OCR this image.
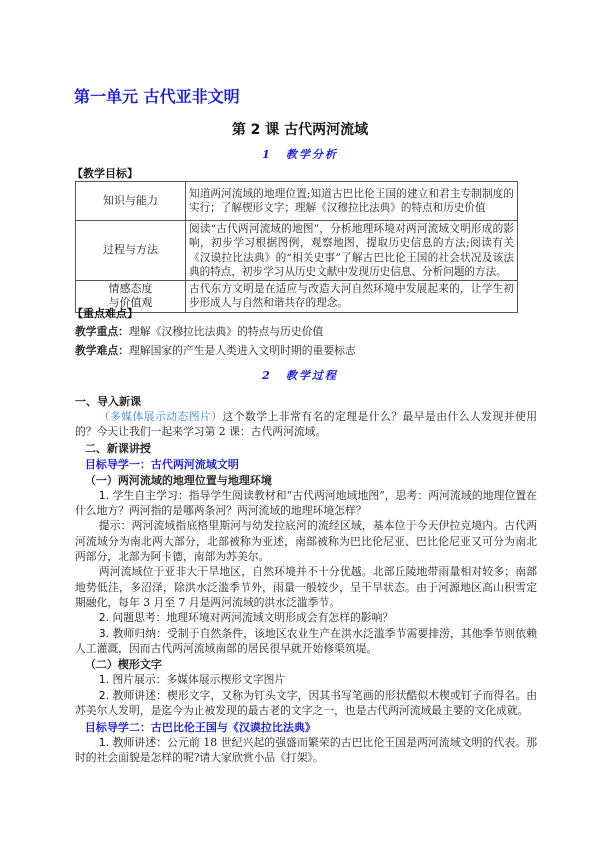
第一单元 古代亚非文明
第 2 课 古代两河流域
1 教学分析
【教学目标】
知识与能力	知道两河流域的地理位置;知道古巴比伦王国的建立和君主专制制度的实行；了解楔形文字；理解《汉穆拉比法典》的特点和历史价值
过程与方法	阅读“古代两河流域的地图”，分析地理环境对两河流域文明形成的影响，初步学习根据图例，观察地图，提取历史信息的方法;阅读有关《汉谟拉比法典》的“相关史事”了解古巴比伦王国的社会状况及该法典的特点，初步学习从历史文献中发现历史信息、分析问题的方法。
情感态度
与价值观	古代东方文明是在适应与改造大河自然环境中发展起来的，让学生初步形成人与自然和谐共存的理念。
【重点难点】
教学重点：理解《汉穆拉比法典》的特点与历史价值
教学难点：理解国家的产生是人类进入文明时期的重要标志
2 教学过程

一、导入新课

（多媒体展示动态图片）这个数学上非常有名的定理是什么？最早是由什么人发现并使用的？今天让我们一起来学习第 2 课：古代两河流域。

二、新课讲授

目标导学一：古代两河流域文明

（一）两河流域的地理位置与地理环境

1. 学生自主学习：指导学生阅读教材和“古代两河地域地图”，思考：两河流域的地理位置在什么地方？两河指的是哪两条河？两河流域的地理环境怎样？

提示：两河流域指底格里斯河与幼发拉底河的流经区域，基本位于今天伊拉克境内。古代两河流域分为南北两大部分，北部被称为亚述，南部被称为巴比伦尼亚、巴比伦尼亚又可分为南北两部分，北部为阿卡德，南部为苏美尔。

两河流域位于亚非大干旱地区，自然环境并不十分优越。北部丘陵地带雨量相对较多；南部地势低洼，多沼泽，除洪水泛滥季节外，雨量一般较少，呈干旱状态。由于河源地区高山积雪定期融化，每年 3 月至 7 月是两河流域的洪水泛滥季节。

2. 问题思考：地理环境对两河流域文明形成会有怎样的影响？

3. 教师归纳：受制于自然条件，该地区农业生产在洪水泛滥季节需要排涝，其他季节则依赖人工灌溉，因而古代两河流域南部的居民很早就开始修渠筑堤。

（二）楔形文字

1. 图片展示：多媒体展示楔形文字图片

2. 教师讲述：楔形文字，又称为钉头文字，因其书写笔画的形状酷似木楔或钉子而得名。由苏美尔人发明，是迄今为止被发现的最古老的文字之一，也是古代两河流域最主要的文化成就。

目标导学二：古巴比伦王国与《汉谟拉比法典》

1. 教师讲述：公元前 18 世纪兴起的强盛而繁荣的古巴比伦王国是两河流域文明的代表。那时的社会面貌是怎样的呢?请大家欣赏小品《打架》。
